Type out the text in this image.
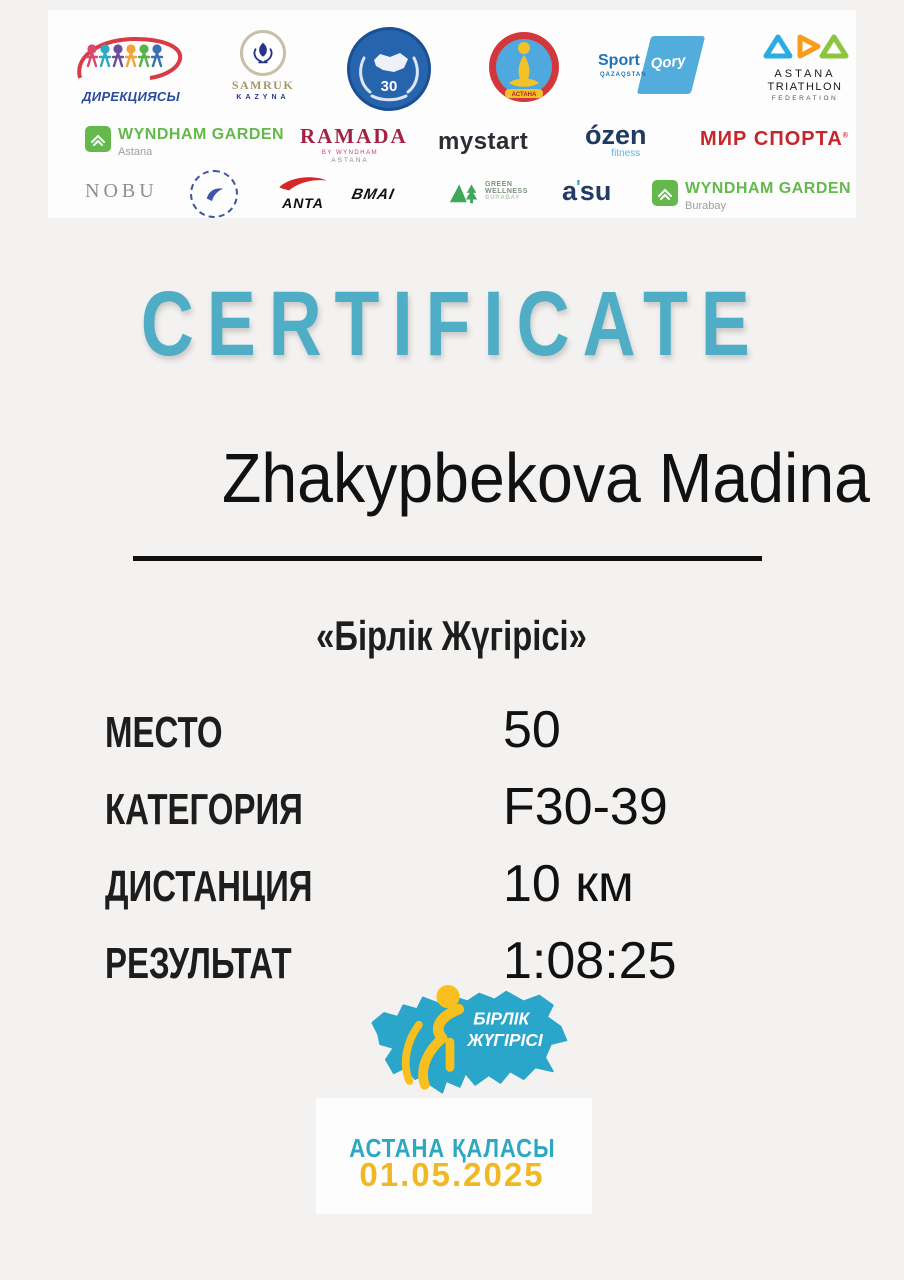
ДИРЕКЦИЯСЫ
SAMRUK
KAZYNA
30	АСТАНА
Qory
Sport
QAZAQSTAN	ASTANA
TRIATHLON
FEDERATION
WYNDHAM GARDEN
Astana
RAMADA
BY WYNDHAM
ASTANA
mystart ózen
fitness
МИР СПОРТА®
NOBU
ANTA	BMAI
GREEN
WELLNESS
BURABAY a'su	WYNDHAM GARDEN
Burabay
CERTIFICATE
Zhakypbekova Madina
«Бірлік Жүгірісі»
МЕСТО	50
КАТЕГОРИЯ	F30-39
ДИСТАНЦИЯ	10 км
РЕЗУЛЬТАТ	1:08:25
БІРЛІК
ЖҮГІРІСІ
АСТАНА ҚАЛАСЫ
01.05.2025
